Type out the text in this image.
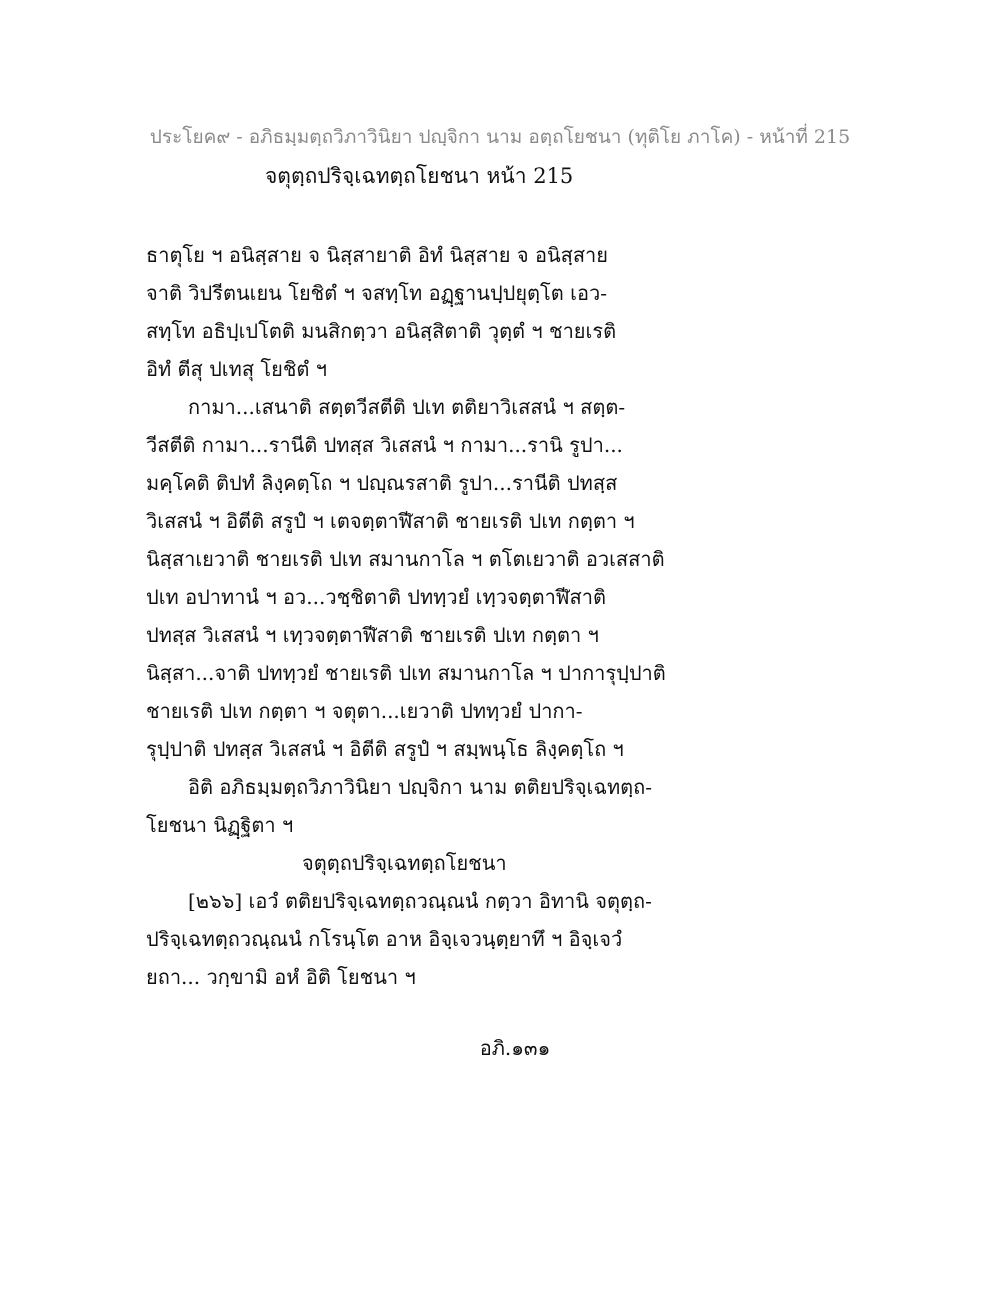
ประโยค๙ - อภิธมฺมตฺถวิภาวินิยา ปญฺจิกา นาม อตฺถโยชนา (ทุติโย ภาโค) - หน้าที่ 215
จตุตฺถปริจฺเฉทตฺถโยชนา หน้า 215
ธาตุโย ฯ อนิสฺสาย จ นิสฺสายาติ อิทํ นิสฺสาย จ อนิสฺสาย
จาติ วิปรีตนเยน โยชิตํ ฯ จสทฺโท อฏฺฐานปฺปยุตฺโต เอว-
สทฺโท อธิปฺเปโตติ มนสิกตฺวา อนิสฺสิตาติ วุตฺตํ ฯ ชายเรติ
อิทํ ตีสุ ปเทสุ โยชิตํ ฯ
กามา...เสนาติ สตฺตวีสตีติ ปเท ตติยาวิเสสนํ ฯ สตฺต-
วีสตีติ กามา...รานีติ ปทสฺส วิเสสนํ ฯ กามา...รานิ รูปา...
มคฺโคติ ติปทํ ลิงฺคตฺโถ ฯ ปญฺณรสาติ รูปา...รานีติ ปทสฺส
วิเสสนํ ฯ อิตีติ สรูปํ ฯ เตจตฺตาฬีสาติ ชายเรติ ปเท กตฺตา ฯ
นิสฺสาเยวาติ ชายเรติ ปเท สมานกาโล ฯ ตโตเยวาติ อวเสสาติ
ปเท อปาทานํ ฯ อว...วชฺชิตาติ ปททฺวยํ เทฺวจตฺตาฬีสาติ
ปทสฺส วิเสสนํ ฯ เทฺวจตฺตาฬีสาติ ชายเรติ ปเท กตฺตา ฯ
นิสฺสา...จาติ ปททฺวยํ ชายเรติ ปเท สมานกาโล ฯ ปาการุปฺปาติ
ชายเรติ ปเท กตฺตา ฯ จตุตา...เยวาติ ปททฺวยํ ปากา-
รุปฺปาติ ปทสฺส วิเสสนํ ฯ อิตีติ สรูปํ ฯ สมฺพนฺโธ ลิงฺคตฺโถ ฯ
อิติ อภิธมฺมตฺถวิภาวินิยา ปญฺจิกา นาม ตติยปริจฺเฉทตฺถ-
โยชนา นิฏฺฐิตา ฯ
จตุตฺถปริจฺเฉทตฺถโยชนา
[๒๖๖] เอวํ ตติยปริจฺเฉทตฺถวณฺณนํ กตฺวา อิทานิ จตุตฺถ-
ปริจฺเฉทตฺถวณฺณนํ กโรนฺโต อาห อิจฺเจวนฺตฺยาทึ ฯ อิจฺเจวํ
ยถา... วกฺขามิ อหํ อิติ โยชนา ฯ
อภิ.๑๓๑
